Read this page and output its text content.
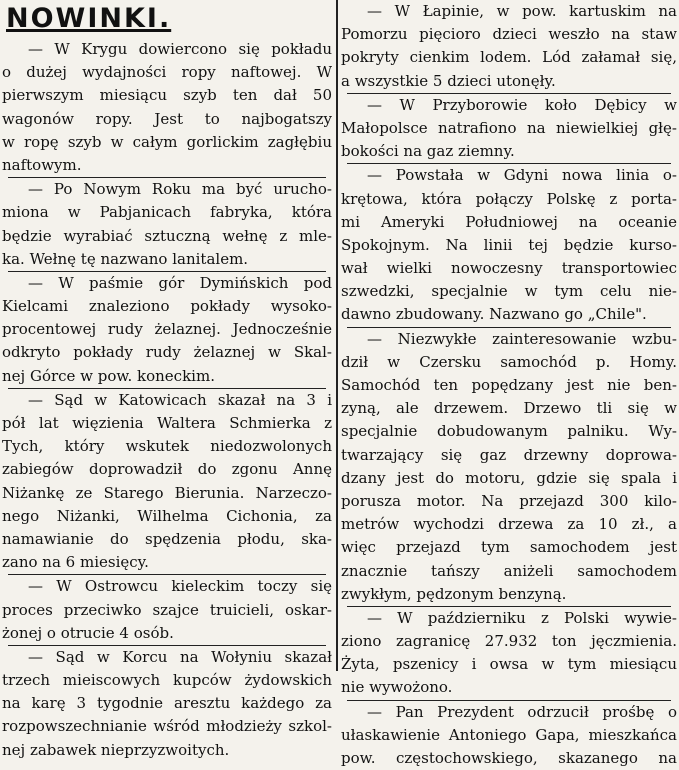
NOWINKI.
— W Krygu dowiercono się pokładu
o dużej wydajności ropy naftowej. W
pierwszym miesiącu szyb ten dał 50
wagonów ropy. Jest to najbogatszy
w ropę szyb w całym gorlickim zagłębiu
naftowym.
— Po Nowym Roku ma być urucho-
miona w Pabjanicach fabryka, która
będzie wyrabiać sztuczną wełnę z mle-
ka. Wełnę tę nazwano lanitalem.
— W paśmie gór Dymińskich pod
Kielcami znaleziono pokłady wysoko-
procentowej rudy żelaznej. Jednocześnie
odkryto pokłady rudy żelaznej w Skal-
nej Górce w pow. koneckim.
— Sąd w Katowicach skazał na 3 i
pół lat więzienia Waltera Schmierka z
Tych, który wskutek niedozwolonych
zabiegów doprowadził do zgonu Annę
Niżankę ze Starego Bierunia. Narzeczo-
nego Niżanki, Wilhelma Cichonia, za
namawianie do spędzenia płodu, ska-
zano na 6 miesięcy.
— W Ostrowcu kieleckim toczy się
proces przeciwko szajce truicieli, oskar-
żonej o otrucie 4 osób.
— Sąd w Korcu na Wołyniu skazał
trzech mieiscowych kupców żydowskich
na karę 3 tygodnie aresztu każdego za
rozpowszechnianie wśród młodzieży szkol-
nej zabawek nieprzyzwoitych.
— W Łapinie, w pow. kartuskim na
Pomorzu pięcioro dzieci weszło na staw
pokryty cienkim lodem. Lód załamał się,
a wszystkie 5 dzieci utonęły.
— W Przyborowie koło Dębicy w
Małopolsce natrafiono na niewielkiej głę-
bokości na gaz ziemny.
— Powstała w Gdyni nowa linia o-
krętowa, która połączy Polskę z porta-
mi Ameryki Południowej na oceanie
Spokojnym. Na linii tej będzie kursо-
wał wielki nowoczesny transportowiec
szwedzki, specjalnie w tym celu nie-
dawno zbudowany. Nazwano go „Chile".
— Niezwykłe zainteresowanie wzbu-
dził w Czersku samochód p. Homy.
Samochód ten popędzany jest nie ben-
zyną, ale drzewem. Drzewo tli się w
specjalnie dobudowanym palniku. Wy-
twarzający się gaz drzewny doprowa-
dzany jest do motoru, gdzie się spala i
porusza motor. Na przejazd 300 kilo-
metrów wychodzi drzewa za 10 zł., a
więc przejazd tym samochodem jest
znacznie tańszy aniżeli samochodem
zwykłym, pędzonym benzyną.
— W październiku z Polski wywie-
ziono zagranicę 27.932 ton jęczmienia.
Żyta, pszenicy i owsa w tym miesiącu
nie wywożono.
— Pan Prezydent odrzucił prośbę o
ułaskawienie Antoniego Gapa, mieszkańca
pow. częstochowskiego, skazanego na
